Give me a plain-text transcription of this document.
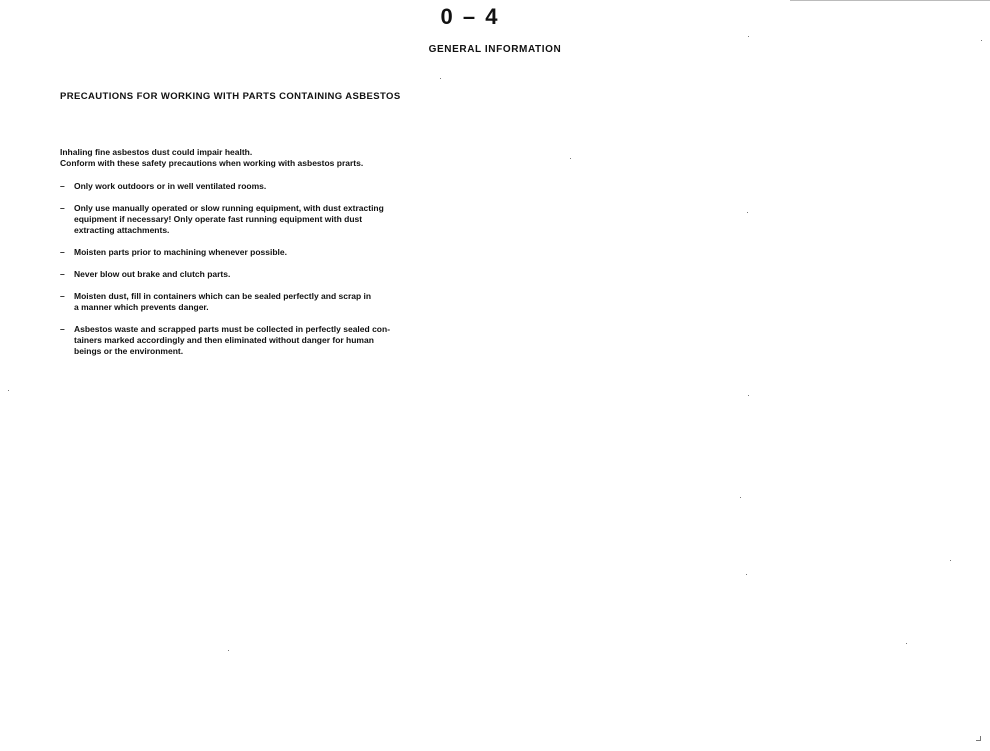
0 – 4
GENERAL INFORMATION
PRECAUTIONS FOR WORKING WITH PARTS CONTAINING ASBESTOS
Inhaling fine asbestos dust could impair health.
Conform with these safety precautions when working with asbestos prarts.
– Only work outdoors or in well ventilated rooms.
– Only use manually operated or slow running equipment, with dust extracting
equipment if necessary! Only operate fast running equipment with dust
extracting attachments.
– Moisten parts prior to machining whenever possible.
– Never blow out brake and clutch parts.
– Moisten dust, fill in containers which can be sealed perfectly and scrap in
a manner which prevents danger.
– Asbestos waste and scrapped parts must be collected in perfectly sealed con-
tainers marked accordingly and then eliminated without danger for human
beings or the environment.
